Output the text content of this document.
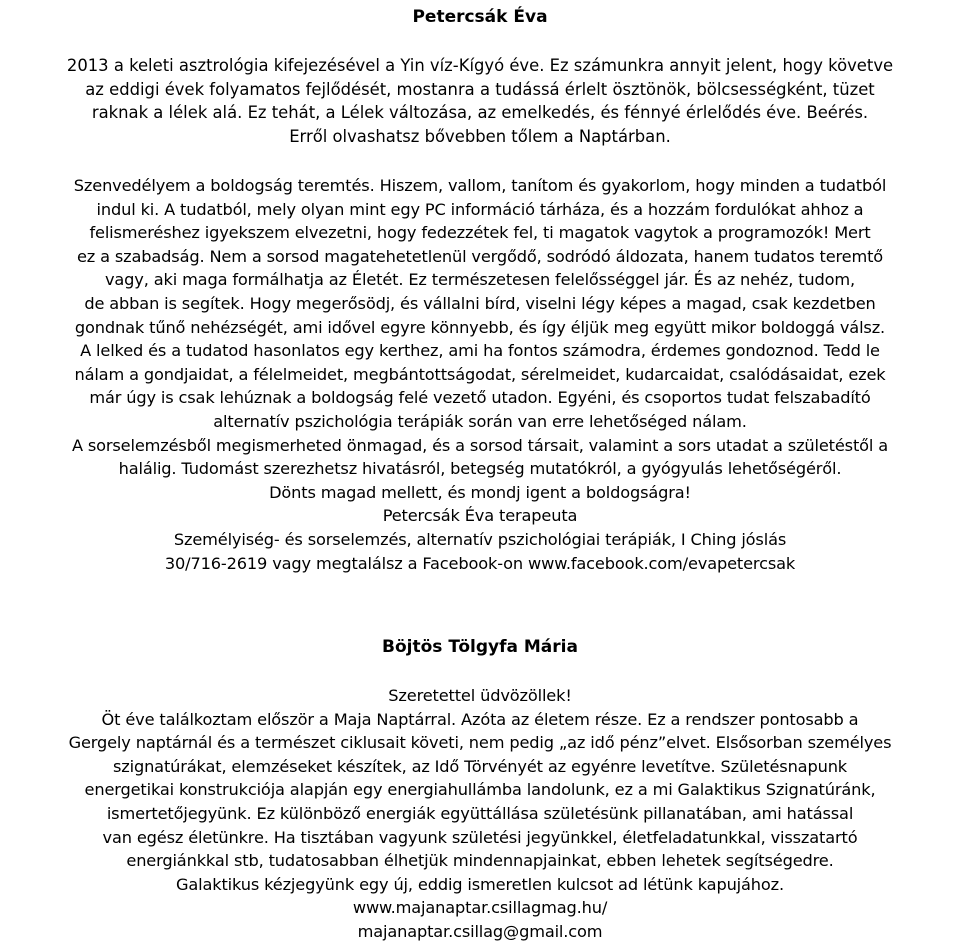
Petercsák Éva
2013 a keleti asztrológia kifejezésével a Yin víz-Kígyó éve. Ez számunkra annyit jelent, hogy követve
az eddigi évek folyamatos fejlődését, mostanra a tudássá érlelt ösztönök, bölcsességként, tüzet
raknak a lélek alá. Ez tehát, a Lélek változása, az emelkedés, és fénnyé érlelődés éve. Beérés.
Erről olvashatsz bővebben tőlem a Naptárban.
Szenvedélyem a boldogság teremtés. Hiszem, vallom, tanítom és gyakorlom, hogy minden a tudatból
indul ki. A tudatból, mely olyan mint egy PC információ tárháza, és a hozzám fordulókat ahhoz a
felismeréshez igyekszem elvezetni, hogy fedezzétek fel, ti magatok vagytok a programozók! Mert
ez a szabadság. Nem a sorsod magatehetetlenül vergődő, sodródó áldozata, hanem tudatos teremtő
vagy, aki maga formálhatja az Életét. Ez természetesen felelősséggel jár. És az nehéz, tudom,
de abban is segítek. Hogy megerősödj, és vállalni bírd, viselni légy képes a magad, csak kezdetben
gondnak tűnő nehézségét, ami idővel egyre könnyebb, és így éljük meg együtt mikor boldoggá válsz.
A lelked és a tudatod hasonlatos egy kerthez, ami ha fontos számodra, érdemes gondoznod. Tedd le
nálam a gondjaidat, a félelmeidet, megbántottságodat, sérelmeidet, kudarcaidat, csalódásaidat, ezek
már úgy is csak lehúznak a boldogság felé vezető utadon. Egyéni, és csoportos tudat felszabadító
alternatív pszichológia terápiák során van erre lehetőséged nálam.
A sorselemzésből megismerheted önmagad, és a sorsod társait, valamint a sors utadat a születéstől a
halálig. Tudomást szerezhetsz hivatásról, betegség mutatókról, a gyógyulás lehetőségéről.
Dönts magad mellett, és mondj igent a boldogságra!
Petercsák Éva terapeuta
Személyiség- és sorselemzés, alternatív pszichológiai terápiák, I Ching jóslás
30/716-2619 vagy megtalálsz a Facebook-on www.facebook.com/evapetercsak
Böjtös Tölgyfa Mária
Szeretettel üdvözöllek!
Öt éve találkoztam először a Maja Naptárral. Azóta az életem része. Ez a rendszer pontosabb a
Gergely naptárnál és a természet ciklusait követi, nem pedig „az idő pénz”elvet. Elsősorban személyes
szignatúrákat, elemzéseket készítek, az Idő Törvényét az egyénre levetítve. Születésnapunk
energetikai konstrukciója alapján egy energiahullámba landolunk, ez a mi Galaktikus Szignatúránk,
ismertetőjegyünk. Ez különböző energiák együttállása születésünk pillanatában, ami hatással
van egész életünkre. Ha tisztában vagyunk születési jegyünkkel, életfeladatunkkal, visszatartó
energiánkkal stb, tudatosabban élhetjük mindennapjainkat, ebben lehetek segítségedre.
Galaktikus kézjegyünk egy új, eddig ismeretlen kulcsot ad létünk kapujához.
www.majanaptar.csillagmag.hu/
majanaptar.csillag@gmail.com
